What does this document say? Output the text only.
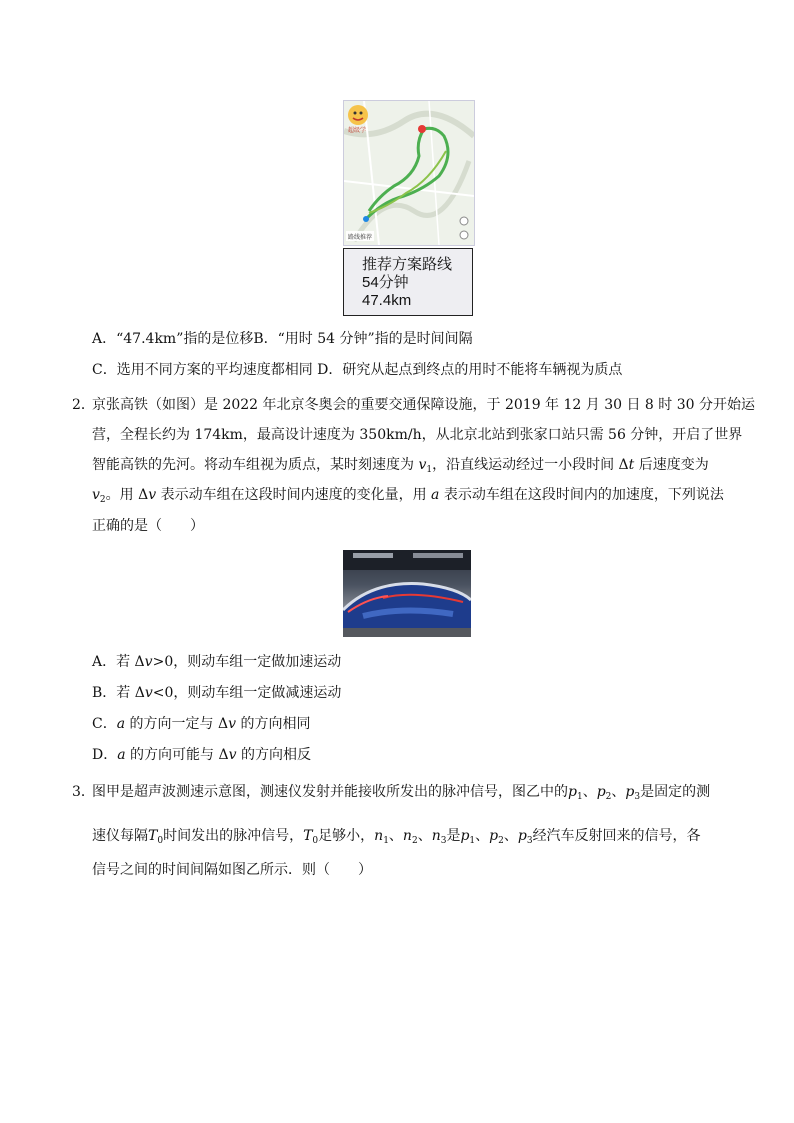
超级学
路线推荐
推荐方案路线
54分钟
47.4km
A．“47.4km”指的是位移B．“用时 54 分钟”指的是时间间隔
C．选用不同方案的平均速度都相同 D．研究从起点到终点的用时不能将车辆视为质点
2．
京张高铁（如图）是 2022 年北京冬奥会的重要交通保障设施，于 2019 年 12 月 30 日 8 时 30 分开始运
营，全程长约为 174km，最高设计速度为 350km/h，从北京北站到张家口站只需 56 分钟，开启了世界
智能高铁的先河。将动车组视为质点，某时刻速度为 $v_1$，沿直线运动经过一小段时间 Δt 后速度变为
$v_2$。用 Δv 表示动车组在这段时间内速度的变化量，用 a 表示动车组在这段时间内的加速度，下列说法
正确的是（　　）
A．若 Δv>0，则动车组一定做加速运动
B．若 Δv<0，则动车组一定做减速运动
C．a 的方向一定与 Δv 的方向相同
D．a 的方向可能与 Δv 的方向相反
3．
图甲是超声波测速示意图，测速仪发射并能接收所发出的脉冲信号，图乙中的$p_1$、$p_2$、$p_3$是固定的测
速仪每隔$T_0$时间发出的脉冲信号，$T_0$足够小，$n_1$、$n_2$、$n_3$是$p_1$、$p_2$、$p_3$经汽车反射回来的信号，各
信号之间的时间间隔如图乙所示．则（　　）
